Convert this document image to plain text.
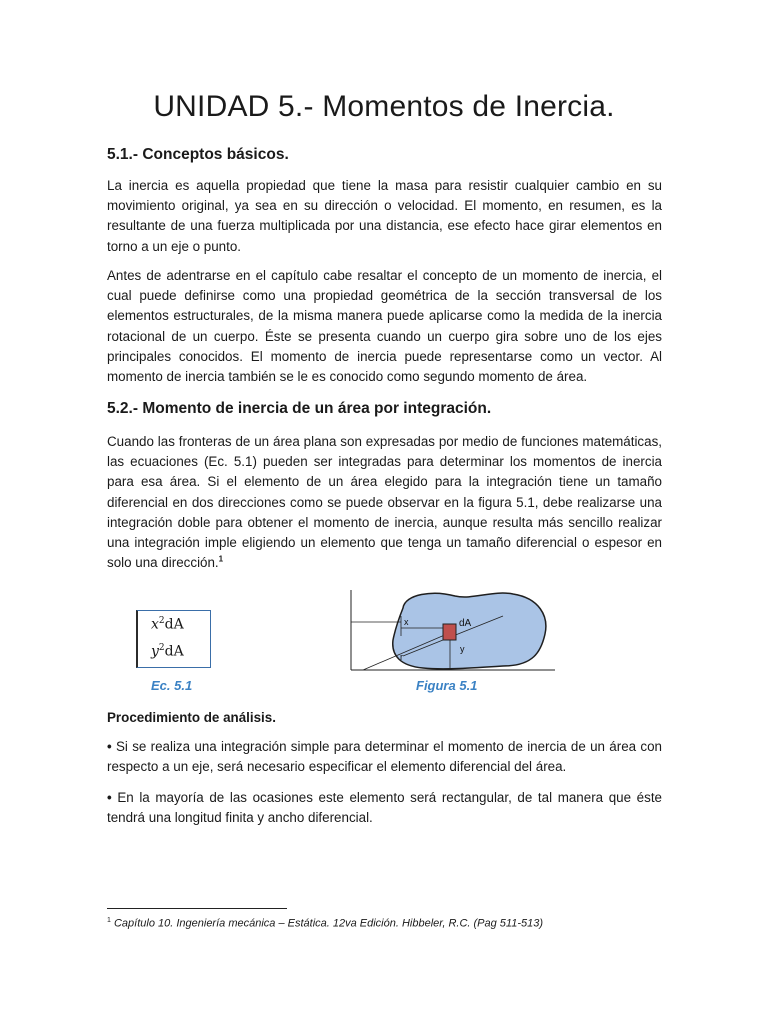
UNIDAD 5.- Momentos de Inercia.
5.1.- Conceptos básicos.
La inercia es aquella propiedad que tiene la masa para resistir cualquier cambio en su movimiento original, ya sea en su dirección o velocidad. El momento, en resumen, es la resultante de una fuerza multiplicada por una distancia, ese efecto hace girar elementos en torno a un eje o punto.
Antes de adentrarse en el capítulo cabe resaltar el concepto de un momento de inercia, el cual puede definirse como una propiedad geométrica de la sección transversal de los elementos estructurales, de la misma manera puede aplicarse como la medida de la inercia rotacional de un cuerpo. Éste se presenta cuando un cuerpo gira sobre uno de los ejes principales conocidos. El momento de inercia puede representarse como un vector. Al momento de inercia también se le es conocido como segundo momento de área.
5.2.- Momento de inercia de un área por integración.
Cuando las fronteras de un área plana son expresadas por medio de funciones matemáticas, las ecuaciones (Ec. 5.1) pueden ser integradas para determinar los momentos de inercia para esa área. Si el elemento de un área elegido para la integración tiene un tamaño diferencial en dos direcciones como se puede observar en la figura 5.1, debe realizarse una integración doble para obtener el momento de inercia, aunque resulta más sencillo realizar una integración imple eligiendo un elemento que tenga un tamaño diferencial o espesor en solo una dirección.$^1$
$x^2dA$
$y^2dA$
Ec. 5.1
x	dA
y
r
Figura 5.1
Procedimiento de análisis.
• Si se realiza una integración simple para determinar el momento de inercia de un área con respecto a un eje, será necesario especificar el elemento diferencial del área.
• En la mayoría de las ocasiones este elemento será rectangular, de tal manera que éste tendrá una longitud finita y ancho diferencial.
$^1$ Capítulo 10. Ingeniería mecánica – Estática. 12va Edición. Hibbeler, R.C. (Pag 511-513)
